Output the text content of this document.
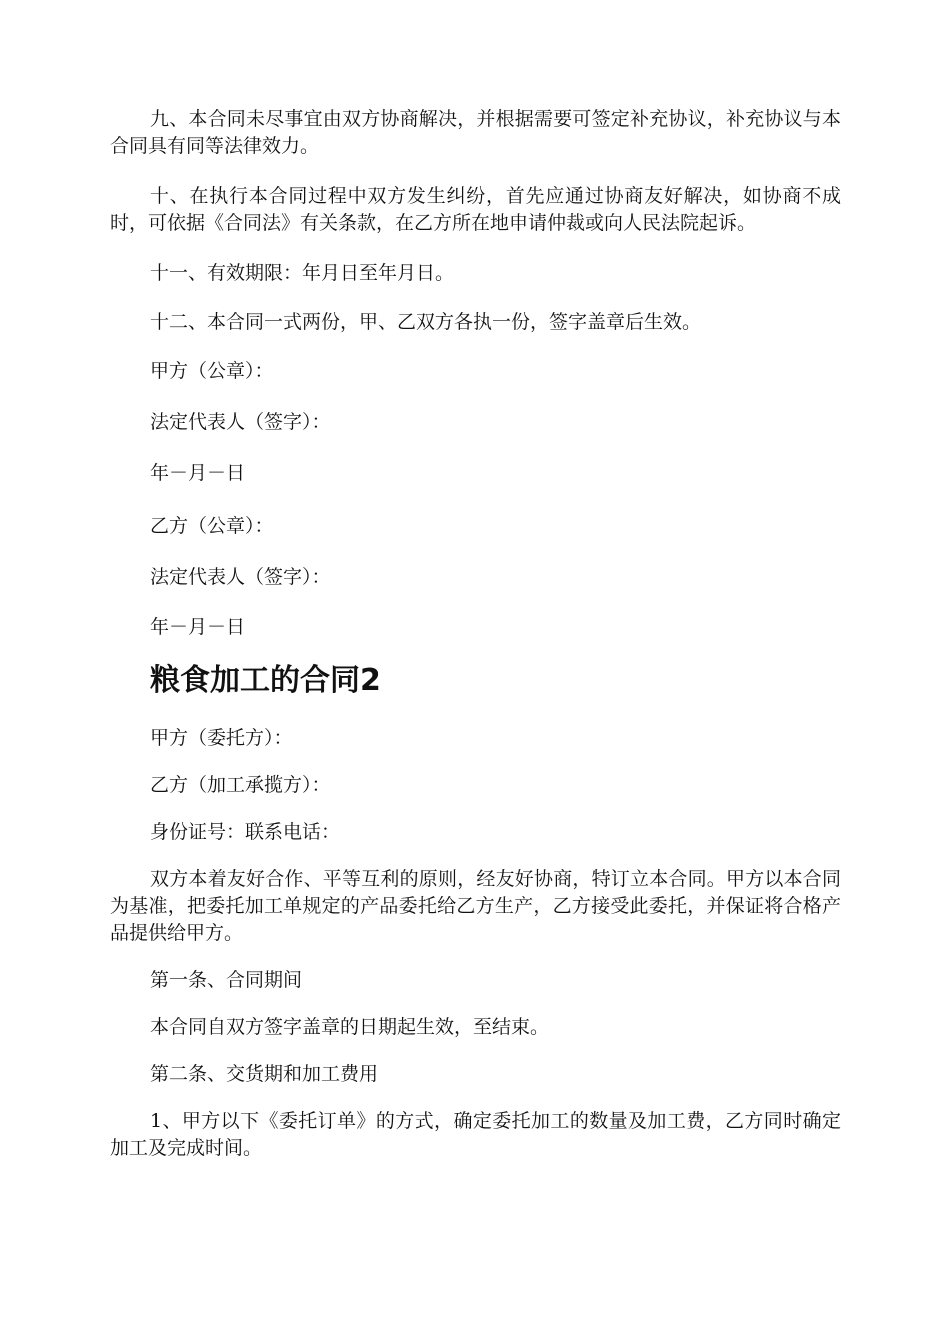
九、本合同未尽事宜由双方协商解决，并根据需要可签定补充协议，补充协议与本合同具有同等法律效力。

十、在执行本合同过程中双方发生纠纷，首先应通过协商友好解决，如协商不成时，可依据《合同法》有关条款，在乙方所在地申请仲裁或向人民法院起诉。

十一、有效期限：年月日至年月日。

十二、本合同一式两份，甲、乙双方各执一份，签字盖章后生效。

甲方（公章）：

法定代表人（签字）：

年－月－日

乙方（公章）：

法定代表人（签字）：

年－月－日

粮食加工的合同2

甲方（委托方）：

乙方（加工承揽方）：

身份证号：联系电话：

双方本着友好合作、平等互利的原则，经友好协商，特订立本合同。甲方以本合同为基准，把委托加工单规定的产品委托给乙方生产，乙方接受此委托，并保证将合格产品提供给甲方。

第一条、合同期间

本合同自双方签字盖章的日期起生效，至结束。

第二条、交货期和加工费用

1、甲方以下《委托订单》的方式，确定委托加工的数量及加工费，乙方同时确定加工及完成时间。
